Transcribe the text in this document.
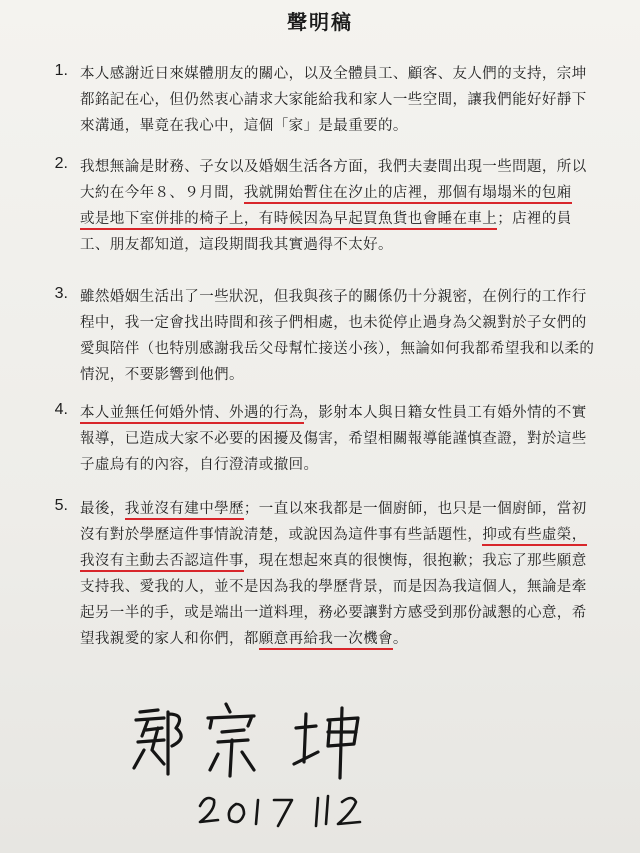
聲明稿
1. 本人感謝近日來媒體朋友的關心，以及全體員工、顧客、友人們的支持，宗坤
都銘記在心，但仍然衷心請求大家能給我和家人一些空間，讓我們能好好靜下
來溝通，畢竟在我心中，這個「家」是最重要的。
2. 我想無論是財務、子女以及婚姻生活各方面，我們夫妻間出現一些問題，所以
大約在今年８、９月間，我就開始暫住在汐止的店裡，那個有塌塌米的包廂
或是地下室併排的椅子上，有時候因為早起買魚貨也會睡在車上；店裡的員
工、朋友都知道，這段期間我其實過得不太好。
3. 雖然婚姻生活出了一些狀況，但我與孩子的關係仍十分親密，在例行的工作行
程中，我一定會找出時間和孩子們相處，也未從停止過身為父親對於子女們的
愛與陪伴（也特別感謝我岳父母幫忙接送小孩），無論如何我都希望我和以柔的
情況，不要影響到他們。
4. 本人並無任何婚外情、外遇的行為，影射本人與日籍女性員工有婚外情的不實
報導，已造成大家不必要的困擾及傷害，希望相關報導能謹慎查證，對於這些
子虛烏有的內容，自行澄清或撤回。
5. 最後，我並沒有建中學歷；一直以來我都是一個廚師，也只是一個廚師，當初
沒有對於學歷這件事情說清楚，或說因為這件事有些話題性，抑或有些虛榮，
我沒有主動去否認這件事，現在想起來真的很懊悔，很抱歉；我忘了那些願意
支持我、愛我的人，並不是因為我的學歷背景，而是因為我這個人，無論是牽
起另一半的手，或是端出一道料理，務必要讓對方感受到那份誠懇的心意，希
望我親愛的家人和你們，都願意再給我一次機會。
